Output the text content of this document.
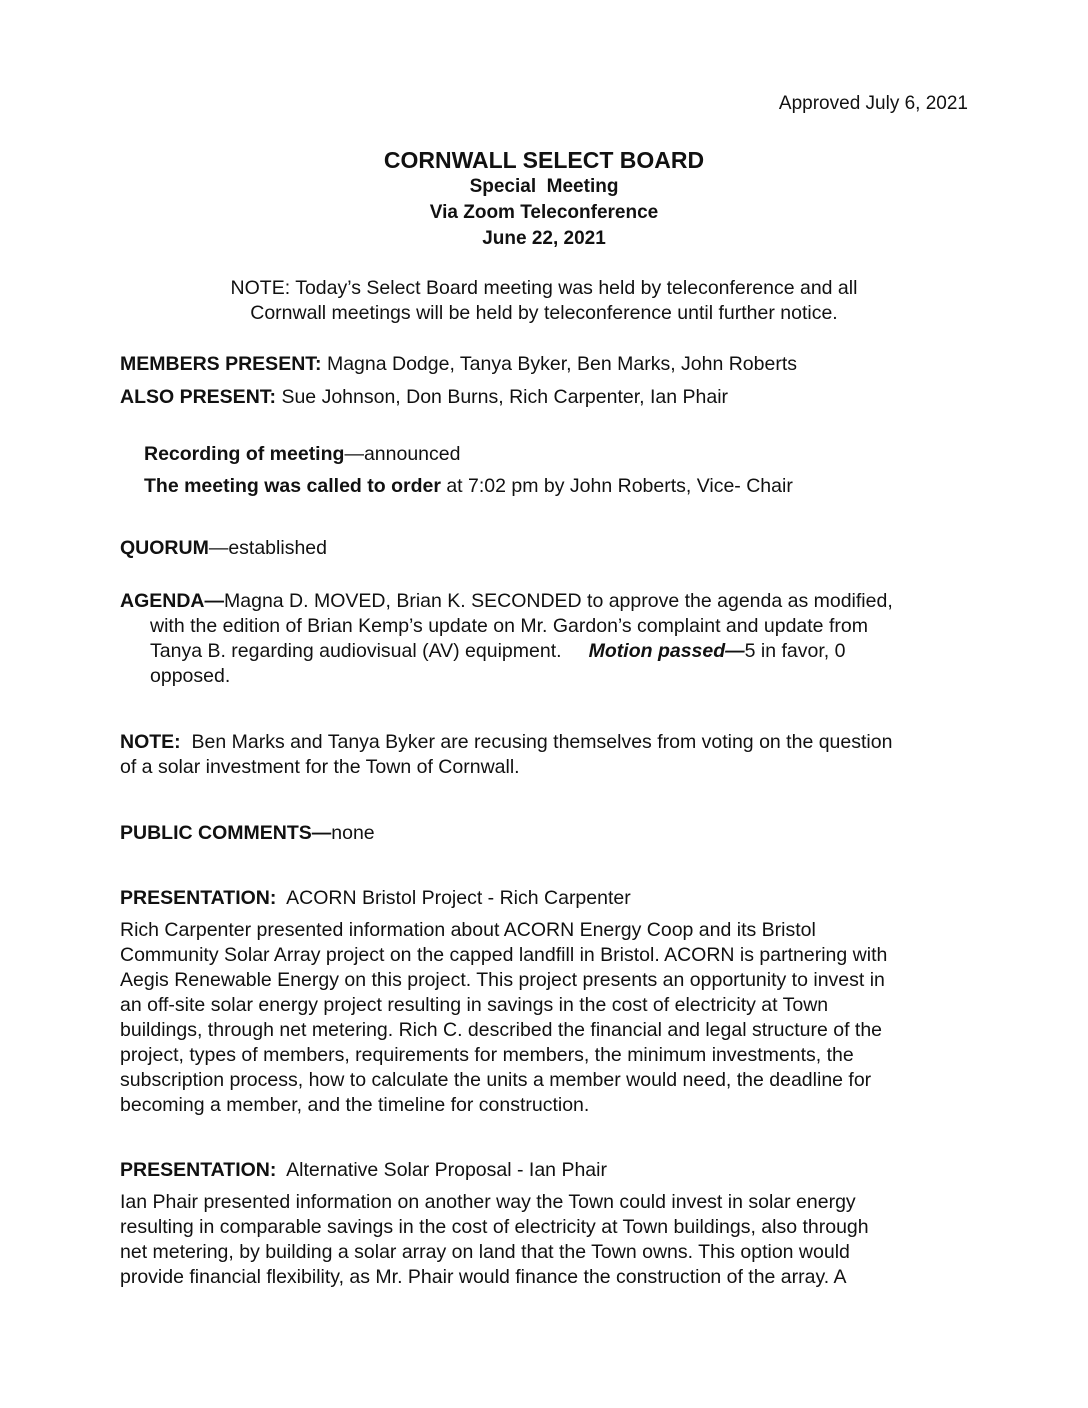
Approved July 6, 2021
CORNWALL SELECT BOARD
Special  Meeting
Via Zoom Teleconference
June 22, 2021
NOTE: Today’s Select Board meeting was held by teleconference and all
Cornwall meetings will be held by teleconference until further notice.
MEMBERS PRESENT: Magna Dodge, Tanya Byker, Ben Marks, John Roberts
ALSO PRESENT: Sue Johnson, Don Burns, Rich Carpenter, Ian Phair
Recording of meeting—announced
The meeting was called to order at 7:02 pm by John Roberts, Vice- Chair
QUORUM—established
AGENDA—Magna D. MOVED, Brian K. SECONDED to approve the agenda as modified,
with the edition of Brian Kemp’s update on Mr. Gardon’s complaint and update from
Tanya B. regarding audiovisual (AV) equipment.     Motion passed—5 in favor, 0
opposed.
NOTE:  Ben Marks and Tanya Byker are recusing themselves from voting on the question
of a solar investment for the Town of Cornwall.
PUBLIC COMMENTS—none
PRESENTATION:  ACORN Bristol Project - Rich Carpenter
Rich Carpenter presented information about ACORN Energy Coop and its Bristol
Community Solar Array project on the capped landfill in Bristol. ACORN is partnering with
Aegis Renewable Energy on this project. This project presents an opportunity to invest in
an off-site solar energy project resulting in savings in the cost of electricity at Town
buildings, through net metering. Rich C. described the financial and legal structure of the
project, types of members, requirements for members, the minimum investments, the
subscription process, how to calculate the units a member would need, the deadline for
becoming a member, and the timeline for construction.
PRESENTATION:  Alternative Solar Proposal - Ian Phair
Ian Phair presented information on another way the Town could invest in solar energy
resulting in comparable savings in the cost of electricity at Town buildings, also through
net metering, by building a solar array on land that the Town owns. This option would
provide financial flexibility, as Mr. Phair would finance the construction of the array. A
